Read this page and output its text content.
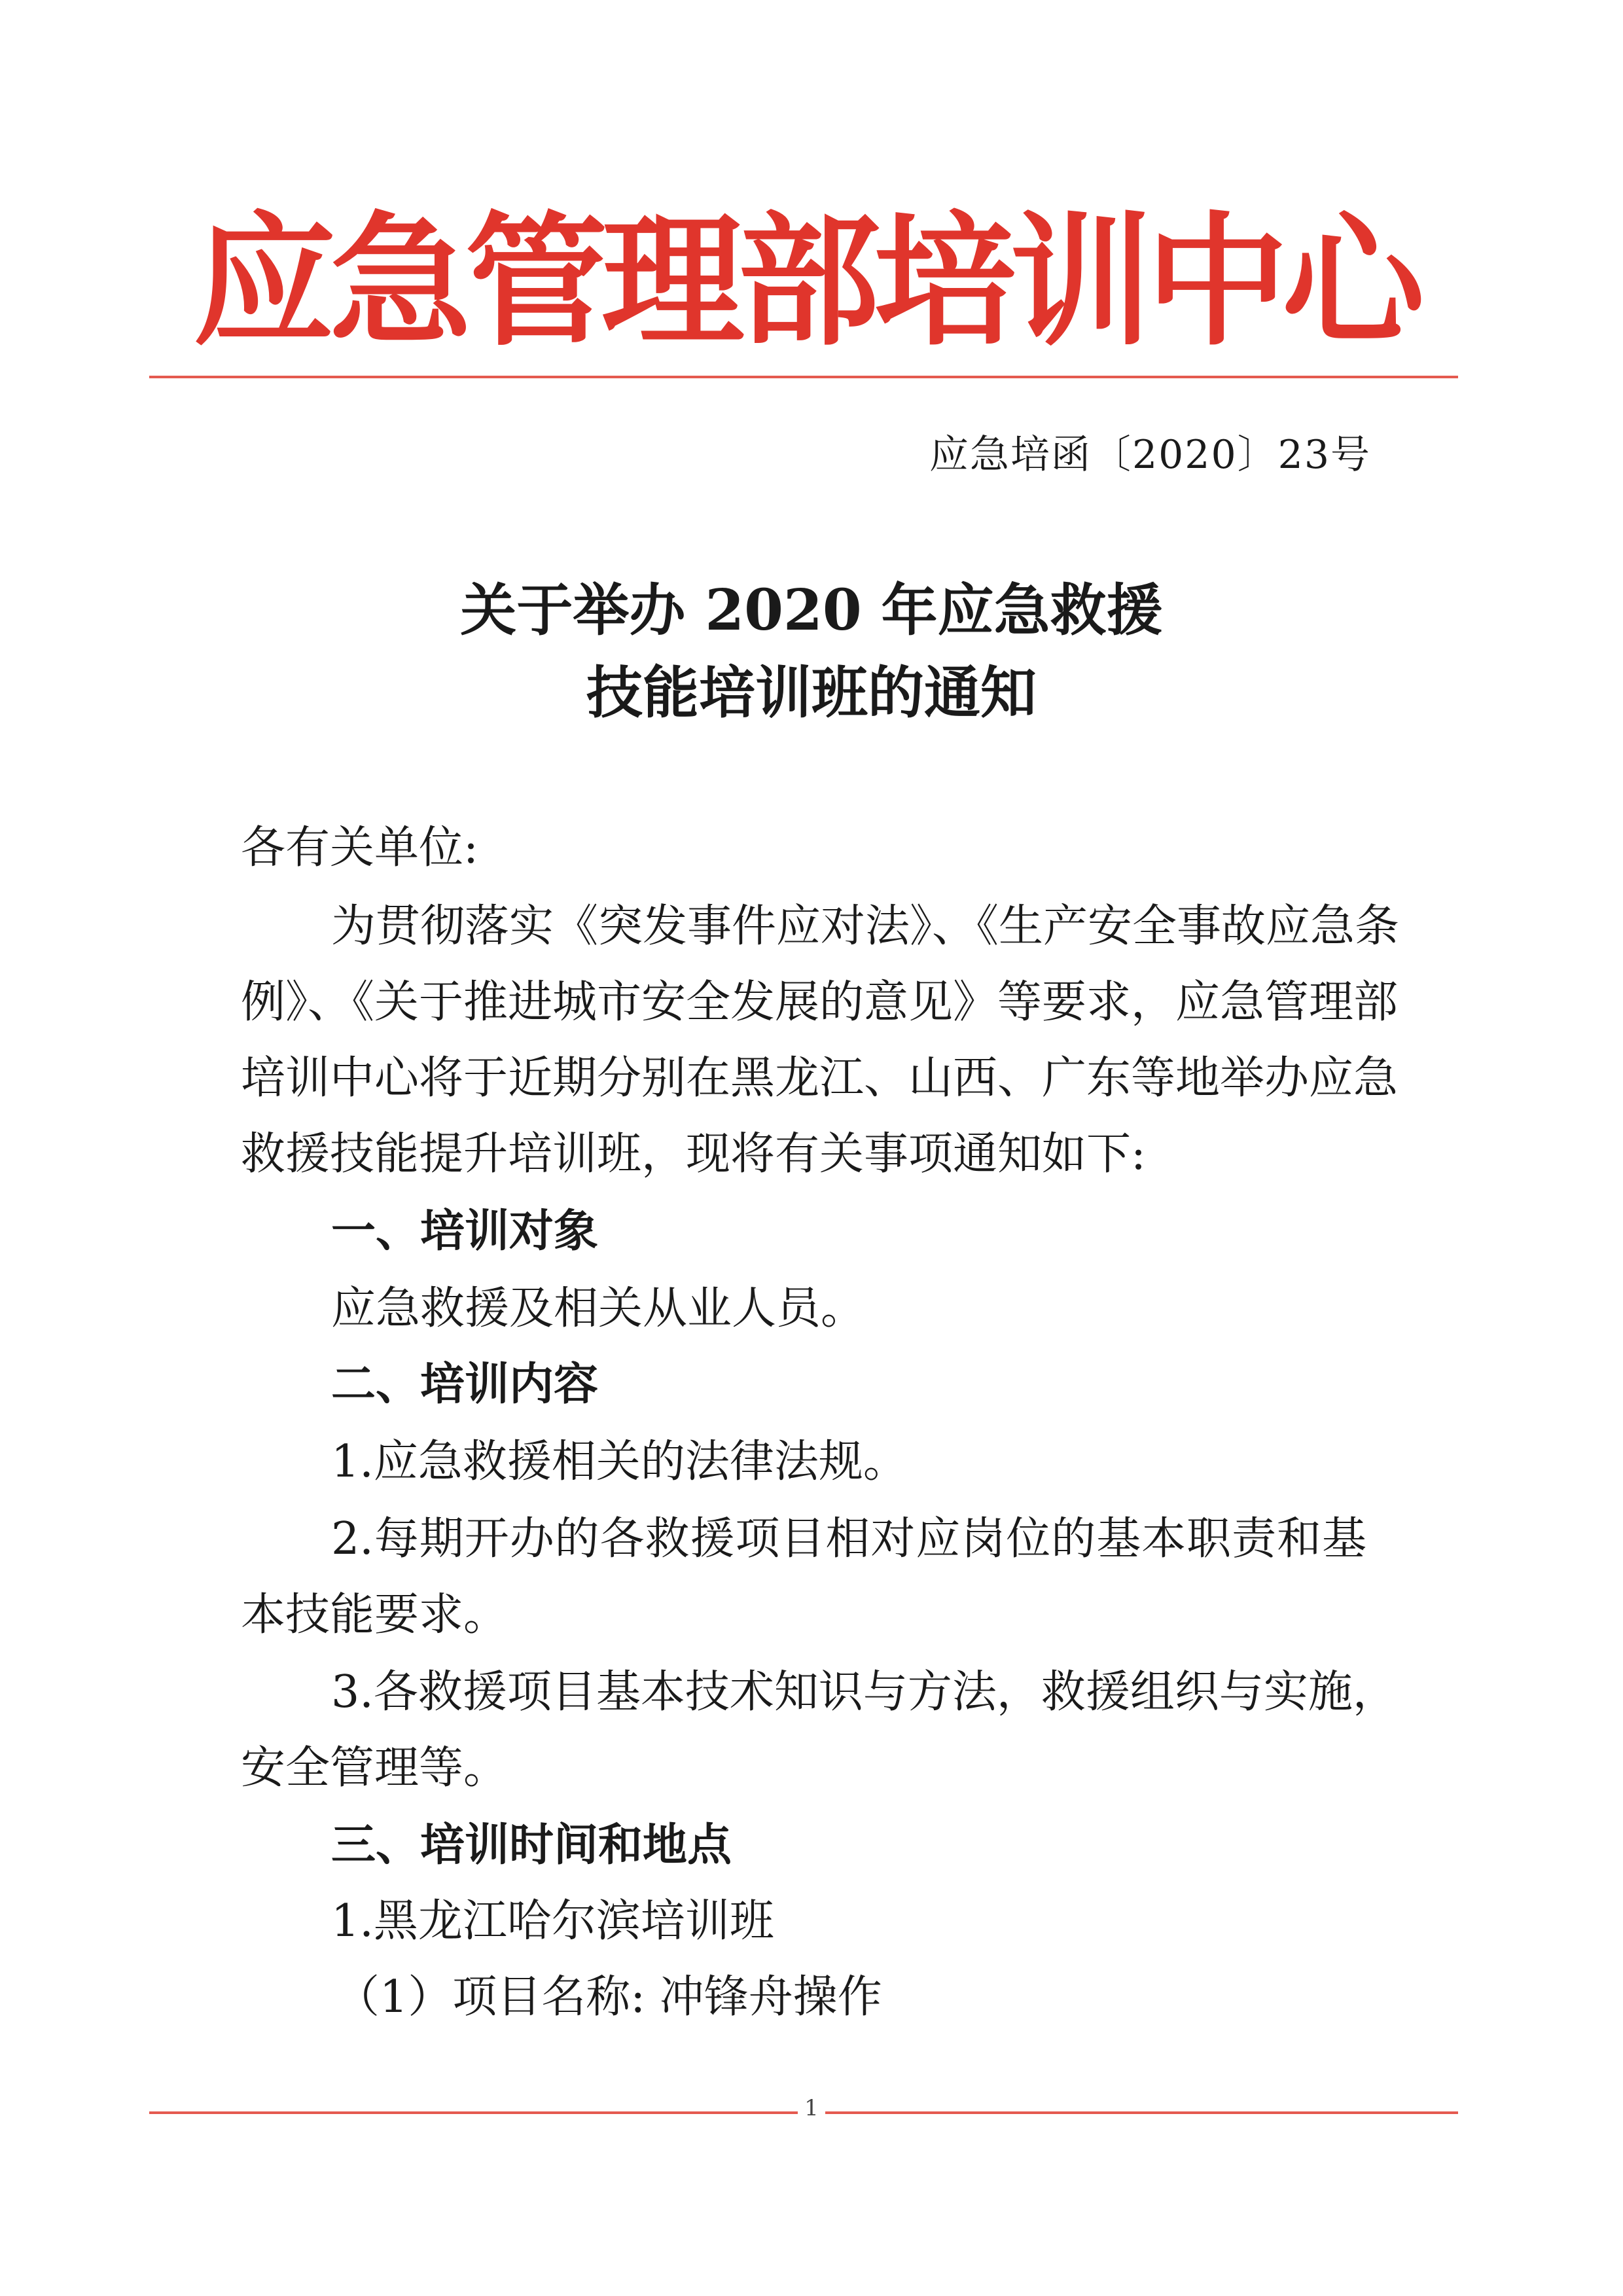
应
急
管
理
部
培
训
中
心
应急培函〔2020〕23号
关于举办 2020 年应急救援
技能培训班的通知
各有关单位:
为贯彻落实《突发事件应对法》、《生产安全事故应急条
例》、《关于推进城市安全发展的意见》等要求，应急管理部
培训中心将于近期分别在黑龙江、山西、广东等地举办应急
救援技能提升培训班，现将有关事项通知如下:
一、培训对象
应急救援及相关从业人员。
二、培训内容
1.应急救援相关的法律法规。
2.每期开办的各救援项目相对应岗位的基本职责和基
本技能要求。
3.各救援项目基本技术知识与方法，救援组织与实施，
安全管理等。
三、培训时间和地点
1.黑龙江哈尔滨培训班
（1）项目名称: 冲锋舟操作
1
